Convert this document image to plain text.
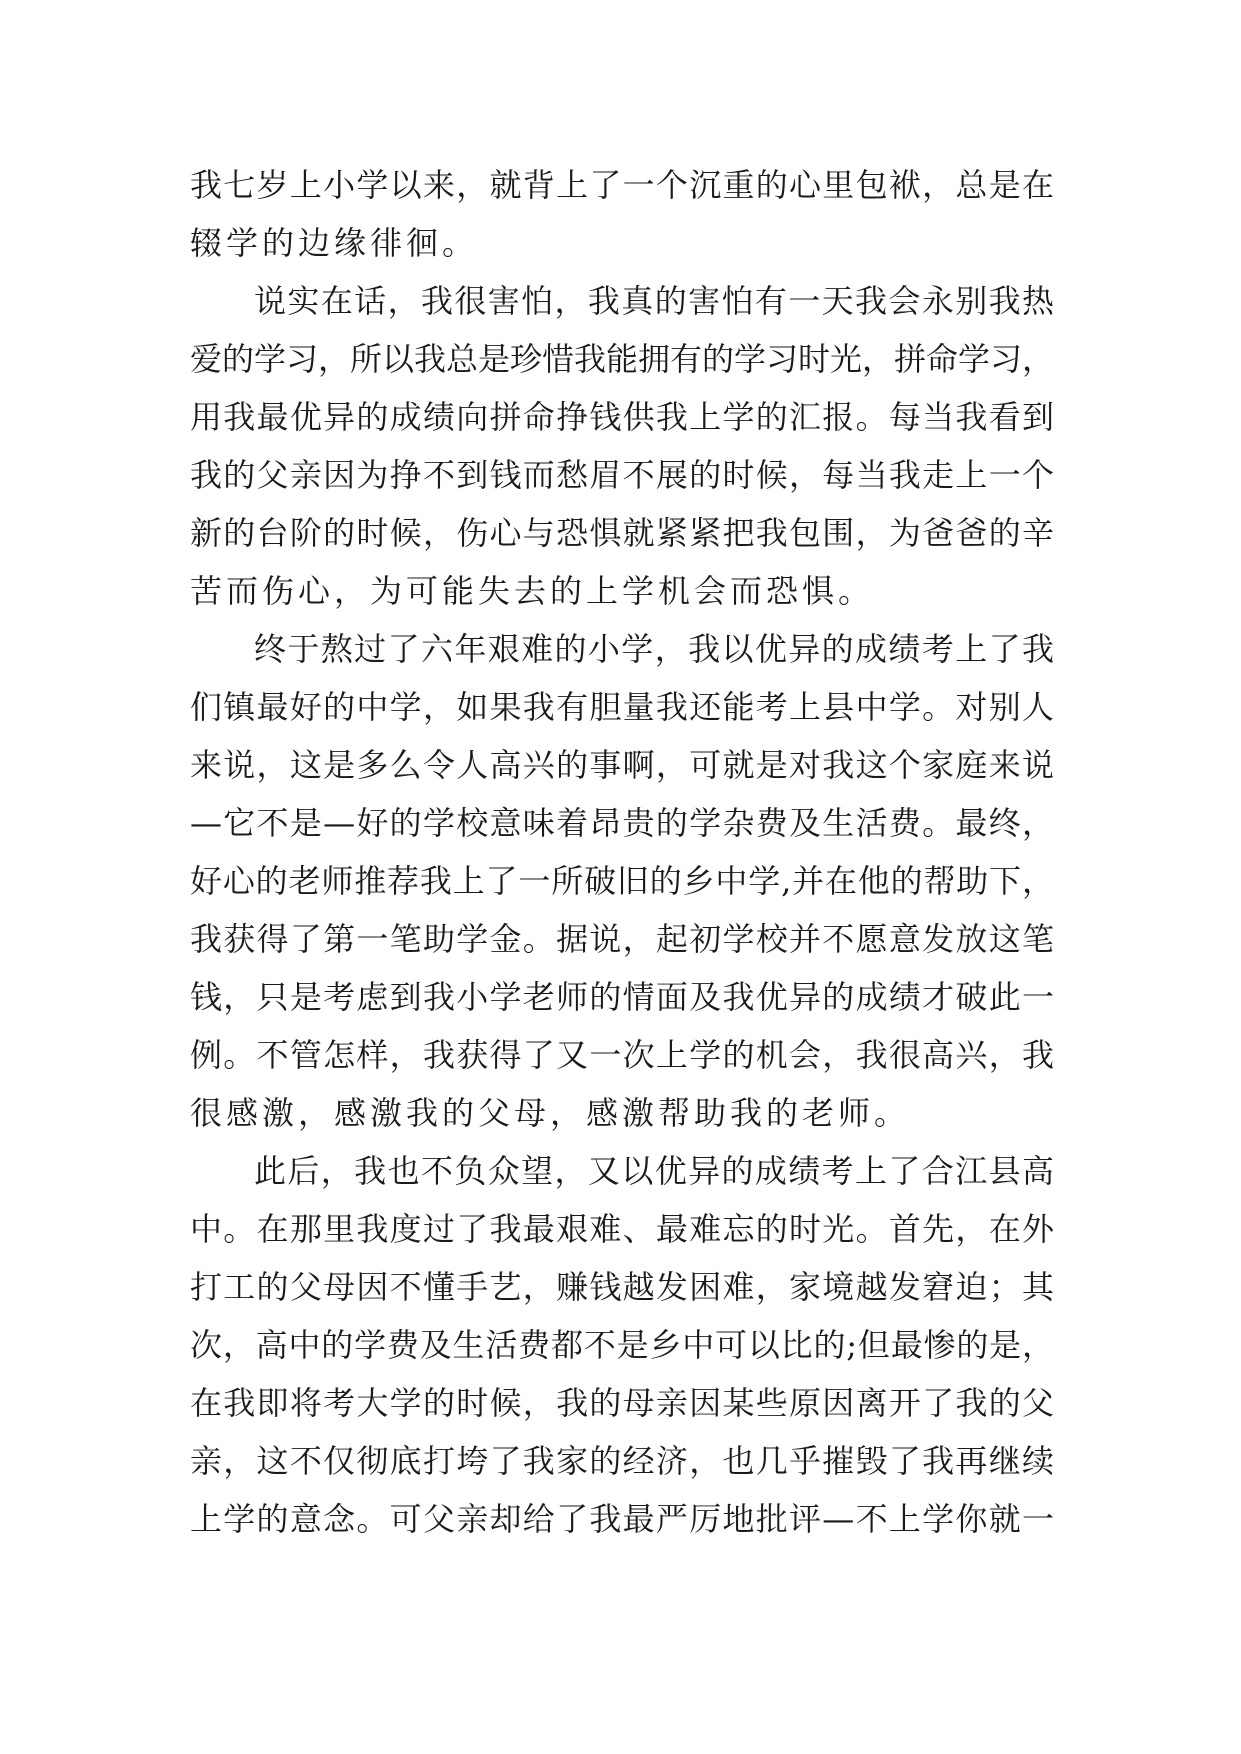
我七岁上小学以来，就背上了一个沉重的心里包袱，总是在
辍学的边缘徘徊。
说实在话，我很害怕，我真的害怕有一天我会永别我热
爱的学习，所以我总是珍惜我能拥有的学习时光，拼命学习，
用我最优异的成绩向拼命挣钱供我上学的汇报。每当我看到
我的父亲因为挣不到钱而愁眉不展的时候，每当我走上一个
新的台阶的时候，伤心与恐惧就紧紧把我包围，为爸爸的辛
苦而伤心，为可能失去的上学机会而恐惧。
终于熬过了六年艰难的小学，我以优异的成绩考上了我
们镇最好的中学，如果我有胆量我还能考上县中学。对别人
来说，这是多么令人高兴的事啊，可就是对我这个家庭来说
—它不是—好的学校意味着昂贵的学杂费及生活费。最终，
好心的老师推荐我上了一所破旧的乡中学,并在他的帮助下，
我获得了第一笔助学金。据说，起初学校并不愿意发放这笔
钱，只是考虑到我小学老师的情面及我优异的成绩才破此一
例。不管怎样，我获得了又一次上学的机会，我很高兴，我
很感激，感激我的父母，感激帮助我的老师。
此后，我也不负众望，又以优异的成绩考上了合江县高
中。在那里我度过了我最艰难、最难忘的时光。首先，在外
打工的父母因不懂手艺，赚钱越发困难，家境越发窘迫；其
次，高中的学费及生活费都不是乡中可以比的;但最惨的是，
在我即将考大学的时候，我的母亲因某些原因离开了我的父
亲，这不仅彻底打垮了我家的经济，也几乎摧毁了我再继续
上学的意念。可父亲却给了我最严厉地批评—不上学你就一
